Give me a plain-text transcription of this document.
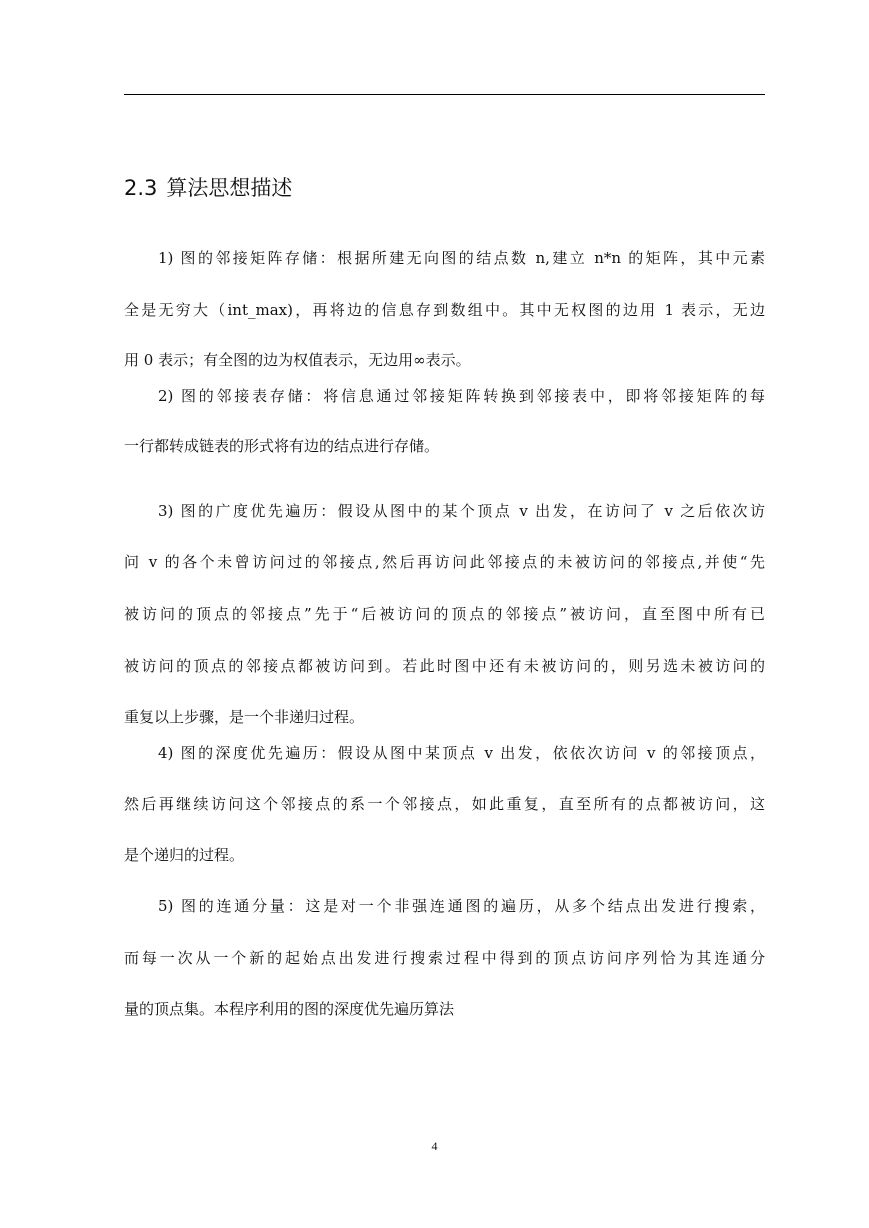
2.3 算法思想描述
1) 图的邻接矩阵存储：根据所建无向图的结点数 n,建立 n*n 的矩阵，其中元素
全是无穷大（int_max)，再将边的信息存到数组中。其中无权图的边用 1 表示，无边
用 0 表示；有全图的边为权值表示，无边用∞表示。
2) 图的邻接表存储：将信息通过邻接矩阵转换到邻接表中，即将邻接矩阵的每
一行都转成链表的形式将有边的结点进行存储。
3) 图的广度优先遍历：假设从图中的某个顶点 v 出发，在访问了 v 之后依次访
问 v 的各个未曾访问过的邻接点,然后再访问此邻接点的未被访问的邻接点,并使“先
被访问的顶点的邻接点”先于“后被访问的顶点的邻接点”被访问，直至图中所有已
被访问的顶点的邻接点都被访问到。若此时图中还有未被访问的，则另选未被访问的
重复以上步骤，是一个非递归过程。
4) 图的深度优先遍历：假设从图中某顶点 v 出发，依依次访问 v 的邻接顶点，
然后再继续访问这个邻接点的系一个邻接点，如此重复，直至所有的点都被访问，这
是个递归的过程。
5) 图的连通分量：这是对一个非强连通图的遍历，从多个结点出发进行搜索，
而每一次从一个新的起始点出发进行搜索过程中得到的顶点访问序列恰为其连通分
量的顶点集。本程序利用的图的深度优先遍历算法
4
